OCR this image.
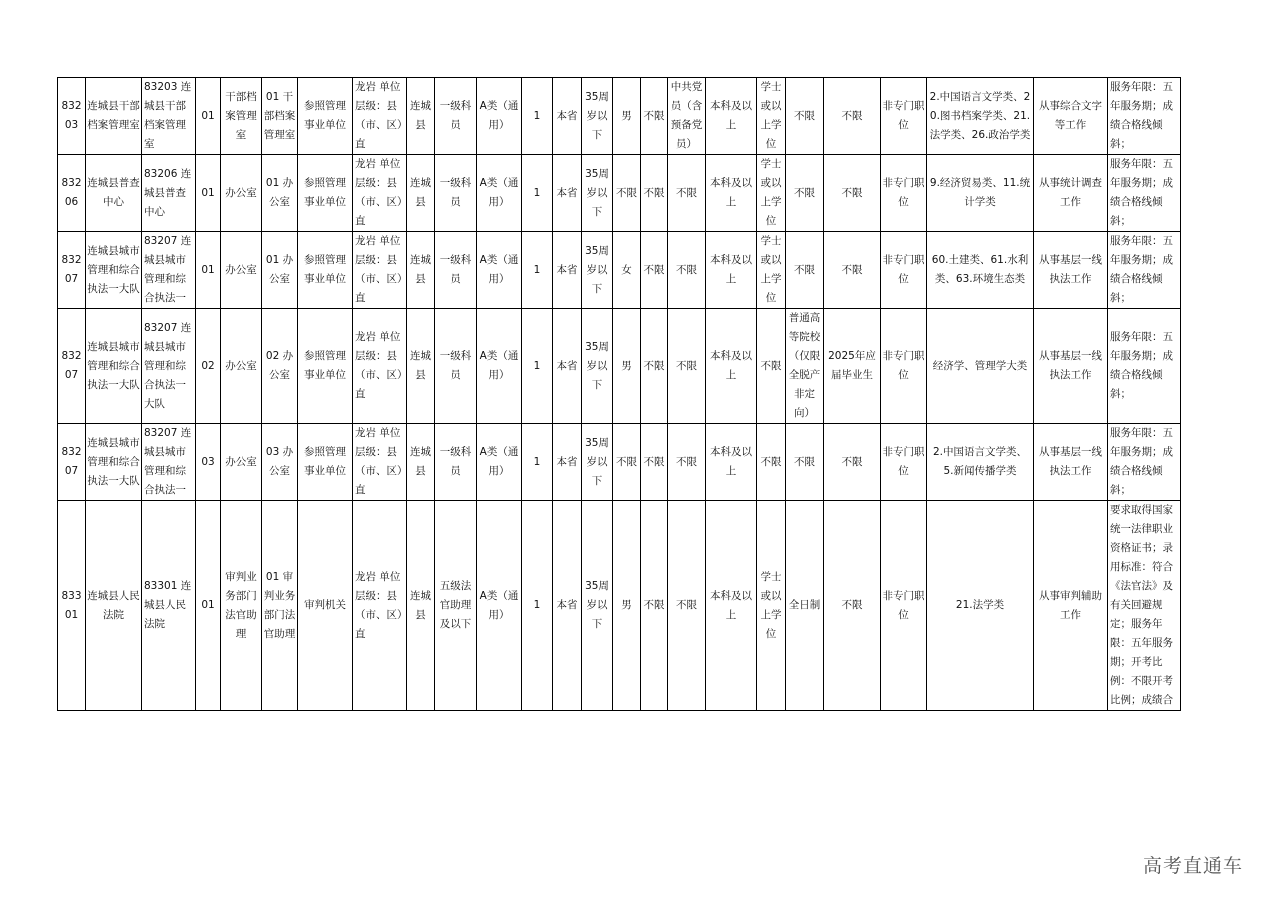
83203	连城县干部档案管理室	83203 连城县干部档案管理室	01	干部档案管理室	01 干部档案管理室	参照管理事业单位	龙岩 单位层级：县（市、区）直	连城县	一级科员	A类（通用）	1	本省	35周岁以下	男	不限	中共党员（含预备党员）	本科及以上	学士或以上学位	不限	不限	非专门职位	2.中国语言文学类、20.图书档案学类、21.法学类、26.政治学类	从事综合文字等工作	服务年限：五年服务期；成绩合格线倾斜；
83206	连城县普查中心	83206 连城县普查中心	01	办公室	01 办公室	参照管理事业单位	龙岩 单位层级：县（市、区）直	连城县	一级科员	A类（通用）	1	本省	35周岁以下	不限	不限	不限	本科及以上	学士或以上学位	不限	不限	非专门职位	9.经济贸易类、11.统计学类	从事统计调查工作	服务年限：五年服务期；成绩合格线倾斜；
83207	连城县城市管理和综合执法一大队	83207 连城县城市管理和综合执法一	01	办公室	01 办公室	参照管理事业单位	龙岩 单位层级：县（市、区）直	连城县	一级科员	A类（通用）	1	本省	35周岁以下	女	不限	不限	本科及以上	学士或以上学位	不限	不限	非专门职位	60.土建类、61.水利类、63.环境生态类	从事基层一线执法工作	服务年限：五年服务期；成绩合格线倾斜；
83207	连城县城市管理和综合执法一大队	83207 连城县城市管理和综合执法一大队	02	办公室	02 办公室	参照管理事业单位	龙岩 单位层级：县（市、区）直	连城县	一级科员	A类（通用）	1	本省	35周岁以下	男	不限	不限	本科及以上	不限	普通高等院校（仅限全脱产非定向）	2025年应届毕业生	非专门职位	经济学、管理学大类	从事基层一线执法工作	服务年限：五年服务期；成绩合格线倾斜；
83207	连城县城市管理和综合执法一大队	83207 连城县城市管理和综合执法一	03	办公室	03 办公室	参照管理事业单位	龙岩 单位层级：县（市、区）直	连城县	一级科员	A类（通用）	1	本省	35周岁以下	不限	不限	不限	本科及以上	不限	不限	不限	非专门职位	2.中国语言文学类、5.新闻传播学类	从事基层一线执法工作	服务年限：五年服务期；成绩合格线倾斜；
83301	连城县人民法院	83301 连城县人民法院	01	审判业务部门法官助理	01 审判业务部门法官助理	审判机关	龙岩 单位层级：县（市、区）直	连城县	五级法官助理及以下	A类（通用）	1	本省	35周岁以下	男	不限	不限	本科及以上	学士或以上学位	全日制	不限	非专门职位	21.法学类	从事审判辅助工作	要求取得国家统一法律职业资格证书；录用标准：符合《法官法》及有关回避规定；服务年限：五年服务期；开考比例：不限开考比例；成绩合
高考直通车
